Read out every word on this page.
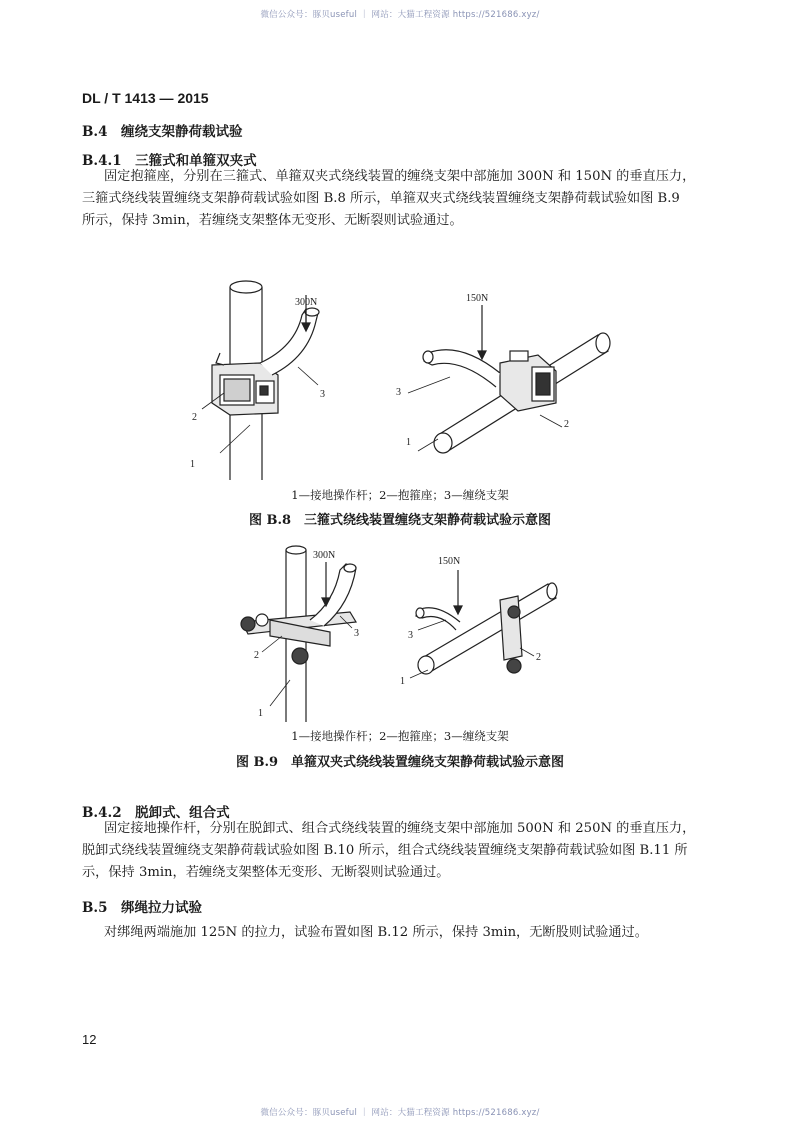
微信公众号：豚贝useful ｜ 网站：大猫工程资源 https://521686.xyz/
微信公众号：豚贝useful ｜ 网站：大猫工程资源 https://521686.xyz/
DL / T 1413 — 2015
B.4　缠绕支架静荷载试验
B.4.1　三箍式和单箍双夹式
固定抱箍座，分别在三箍式、单箍双夹式绕线装置的缠绕支架中部施加 300N 和 150N 的垂直压力，
三箍式绕线装置缠绕支架静荷载试验如图 B.8 所示，单箍双夹式绕线装置缠绕支架静荷载试验如图 B.9
所示，保持 3min，若缠绕支架整体无变形、无断裂则试验通过。
300N
1
2
3
150N
3
1
2
1—接地操作杆；2—抱箍座；3—缠绕支架
图 B.8　三箍式绕线装置缠绕支架静荷载试验示意图
300N
1
2
3
150N
3
1
2
1—接地操作杆；2—抱箍座；3—缠绕支架
图 B.9　单箍双夹式绕线装置缠绕支架静荷载试验示意图
B.4.2　脱卸式、组合式
固定接地操作杆，分别在脱卸式、组合式绕线装置的缠绕支架中部施加 500N 和 250N 的垂直压力，
脱卸式绕线装置缠绕支架静荷载试验如图 B.10 所示，组合式绕线装置缠绕支架静荷载试验如图 B.11 所
示，保持 3min，若缠绕支架整体无变形、无断裂则试验通过。
B.5　绑绳拉力试验
对绑绳两端施加 125N 的拉力，试验布置如图 B.12 所示，保持 3min，无断股则试验通过。
12
